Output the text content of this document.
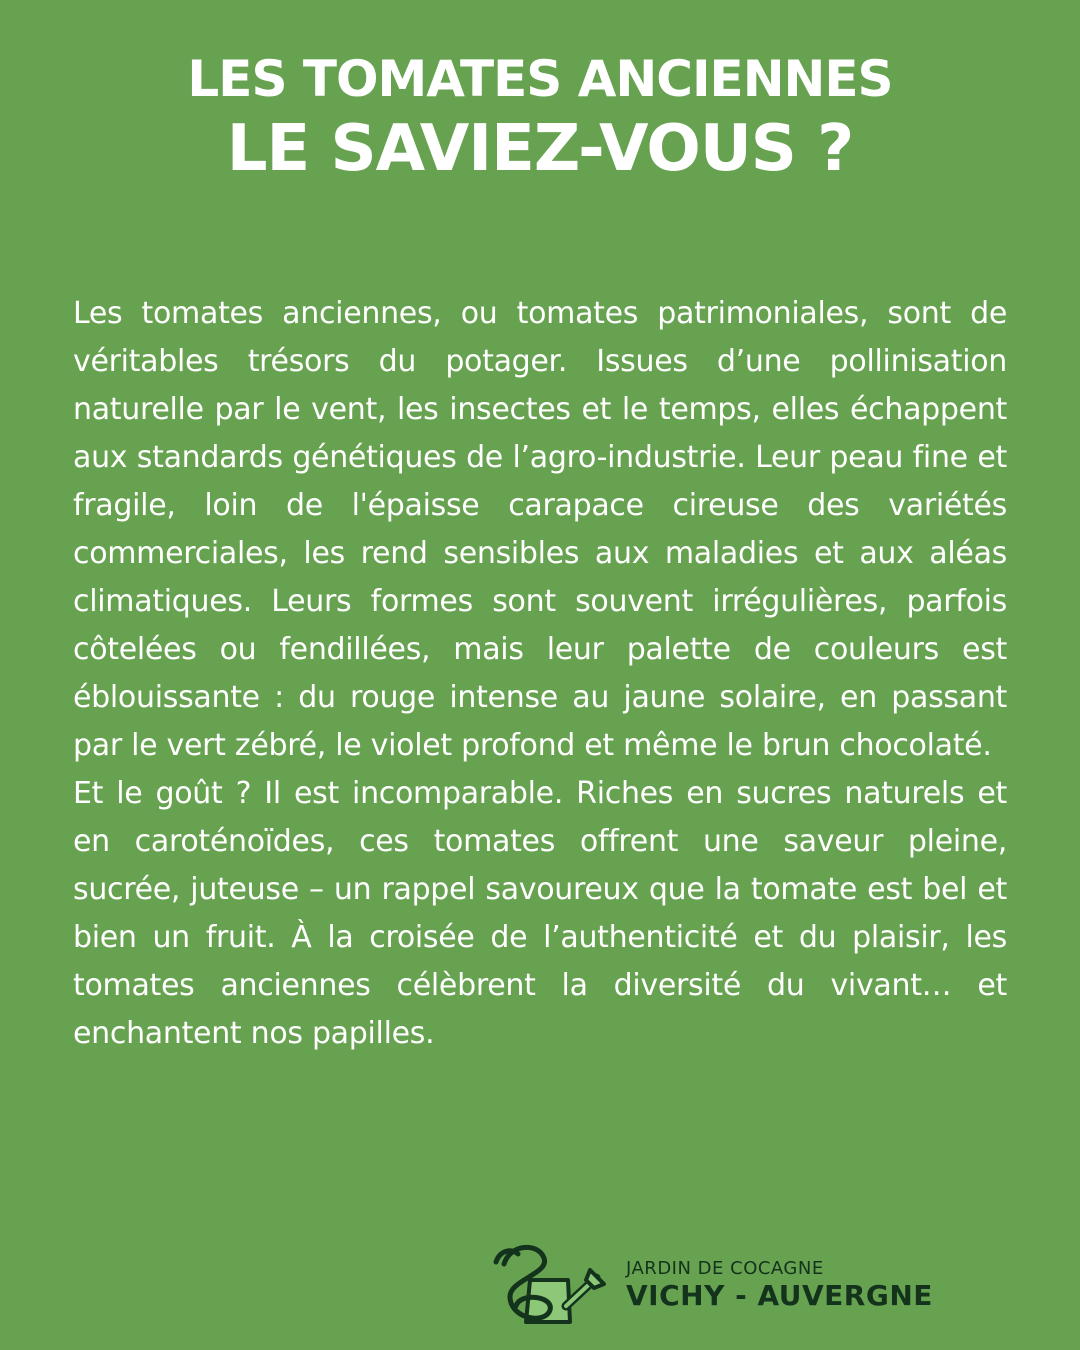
LES TOMATES ANCIENNES
LE SAVIEZ-VOUS ?

Les tomates anciennes, ou tomates patrimoniales, sont de véritables trésors du potager. Issues d’une pollinisation naturelle par le vent, les insectes et le temps, elles échappent aux standards génétiques de l’agro-industrie. Leur peau fine et fragile, loin de l'épaisse carapace cireuse des variétés commerciales, les rend sensibles aux maladies et aux aléas climatiques. Leurs formes sont souvent irrégulières, parfois côtelées ou fendillées, mais leur palette de couleurs est éblouissante : du rouge intense au jaune solaire, en passant par le vert zébré, le violet profond et même le brun chocolaté.

Et le goût ? Il est incomparable. Riches en sucres naturels et en caroténoïdes, ces tomates offrent une saveur pleine, sucrée, juteuse – un rappel savoureux que la tomate est bel et bien un fruit. À la croisée de l’authenticité et du plaisir, les tomates anciennes célèbrent la diversité du vivant… et enchantent nos papilles.

JARDIN DE COCAGNE
VICHY - AUVERGNE
